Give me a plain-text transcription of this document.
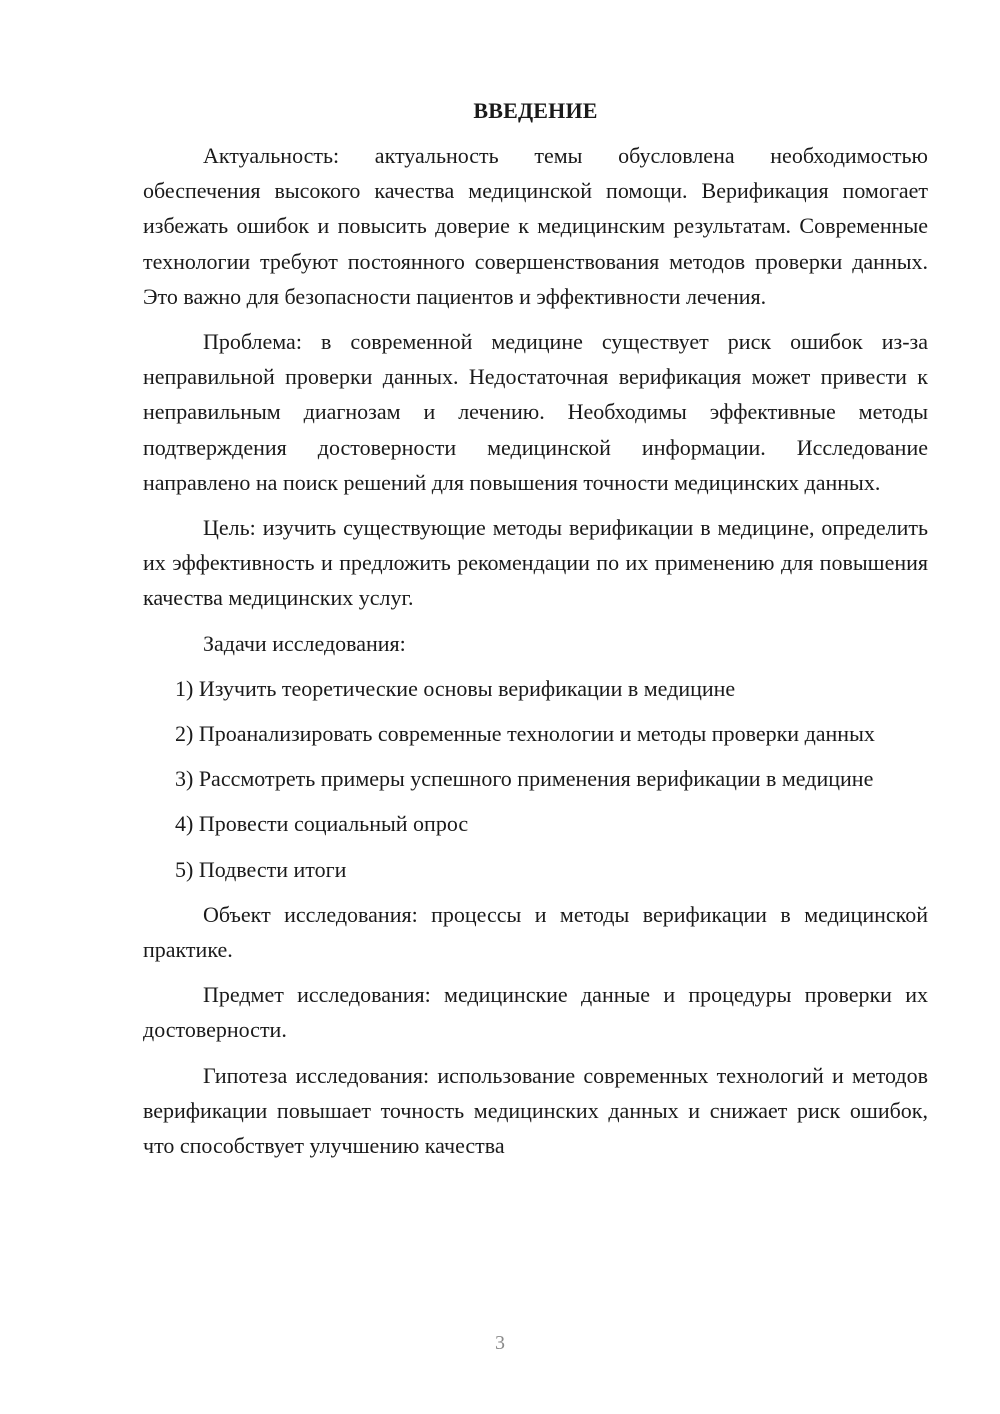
ВВЕДЕНИЕ

Актуальность: актуальность темы обусловлена необходимостью обеспечения высокого качества медицинской помощи. Верификация помогает избежать ошибок и повысить доверие к медицинским результатам. Современные технологии требуют постоянного совершенствования методов проверки данных. Это важно для безопасности пациентов и эффективности лечения.

Проблема: в современной медицине существует риск ошибок из-за неправильной проверки данных. Недостаточная верификация может привести к неправильным диагнозам и лечению. Необходимы эффективные методы подтверждения достоверности медицинской информации. Исследование направлено на поиск решений для повышения точности медицинских данных.

Цель: изучить существующие методы верификации в медицине, определить их эффективность и предложить рекомендации по их применению для повышения качества медицинских услуг.

Задачи исследования:

1) Изучить теоретические основы верификации в медицине

2) Проанализировать современные технологии и методы проверки данных

3) Рассмотреть примеры успешного применения верификации в медицине

4) Провести социальный опрос

5) Подвести итоги

Объект исследования: процессы и методы верификации в медицинской практике.

Предмет исследования: медицинские данные и процедуры проверки их достоверности.

Гипотеза исследования: использование современных технологий и методов верификации повышает точность медицинских данных и снижает риск ошибок, что способствует улучшению качества

3
